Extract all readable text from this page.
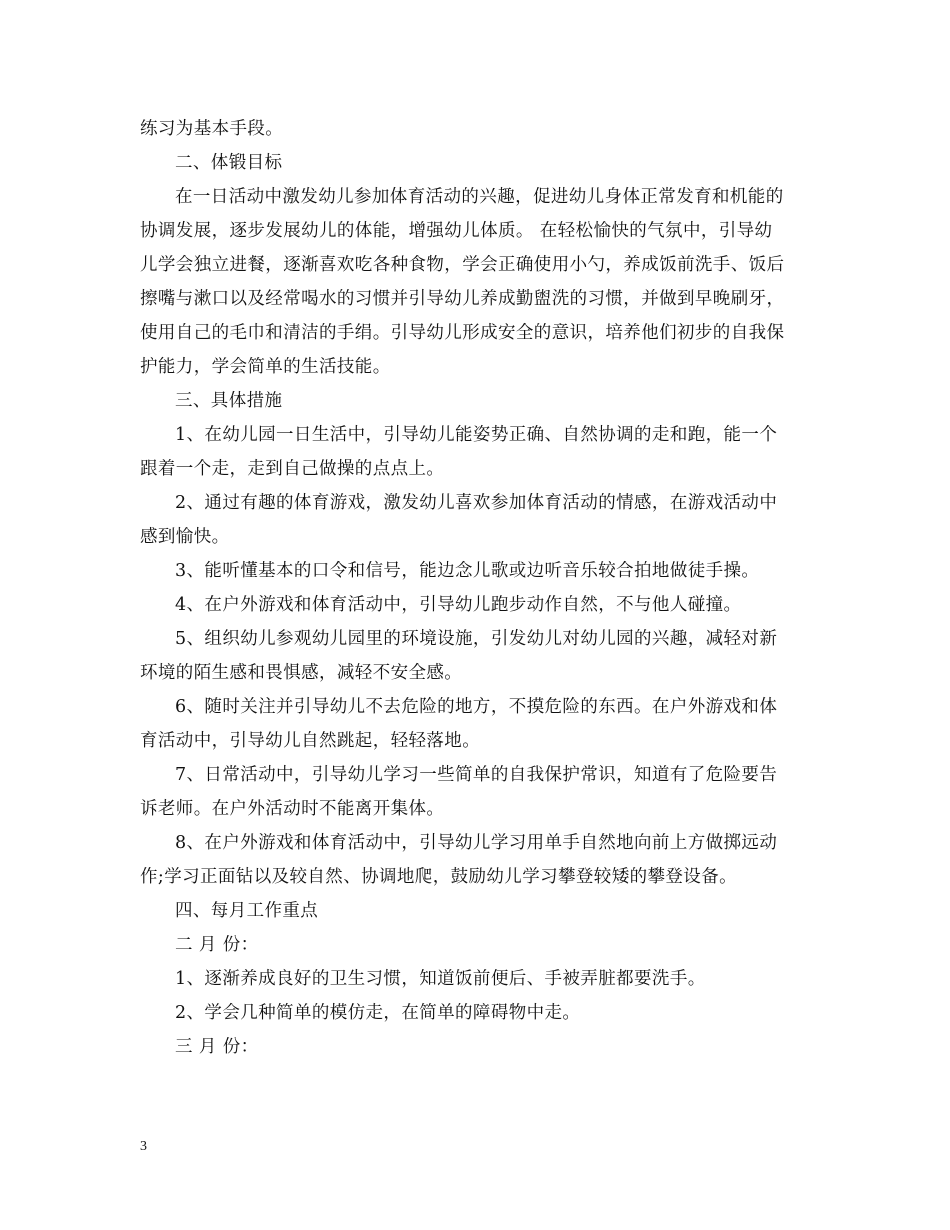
练习为基本手段。
二、体锻目标
在一日活动中激发幼儿参加体育活动的兴趣，促进幼儿身体正常发育和机能的
协调发展，逐步发展幼儿的体能，增强幼儿体质。 在轻松愉快的气氛中，引导幼
儿学会独立进餐，逐渐喜欢吃各种食物，学会正确使用小勺，养成饭前洗手、饭后
擦嘴与漱口以及经常喝水的习惯并引导幼儿养成勤盥洗的习惯，并做到早晚刷牙，
使用自己的毛巾和清洁的手绢。引导幼儿形成安全的意识，培养他们初步的自我保
护能力，学会简单的生活技能。
三、具体措施
1、在幼儿园一日生活中，引导幼儿能姿势正确、自然协调的走和跑，能一个
跟着一个走，走到自己做操的点点上。
2、通过有趣的体育游戏，激发幼儿喜欢参加体育活动的情感，在游戏活动中
感到愉快。
3、能听懂基本的口令和信号，能边念儿歌或边听音乐较合拍地做徒手操。
4、在户外游戏和体育活动中，引导幼儿跑步动作自然，不与他人碰撞。
5、组织幼儿参观幼儿园里的环境设施，引发幼儿对幼儿园的兴趣，减轻对新
环境的陌生感和畏惧感，减轻不安全感。
6、随时关注并引导幼儿不去危险的地方，不摸危险的东西。在户外游戏和体
育活动中，引导幼儿自然跳起，轻轻落地。
7、日常活动中，引导幼儿学习一些简单的自我保护常识，知道有了危险要告
诉老师。在户外活动时不能离开集体。
8、在户外游戏和体育活动中，引导幼儿学习用单手自然地向前上方做掷远动
作;学习正面钻以及较自然、协调地爬，鼓励幼儿学习攀登较矮的攀登设备。
四、每月工作重点
二 月 份：
1、逐渐养成良好的卫生习惯，知道饭前便后、手被弄脏都要洗手。
2、学会几种简单的模仿走，在简单的障碍物中走。
三 月 份：
3
